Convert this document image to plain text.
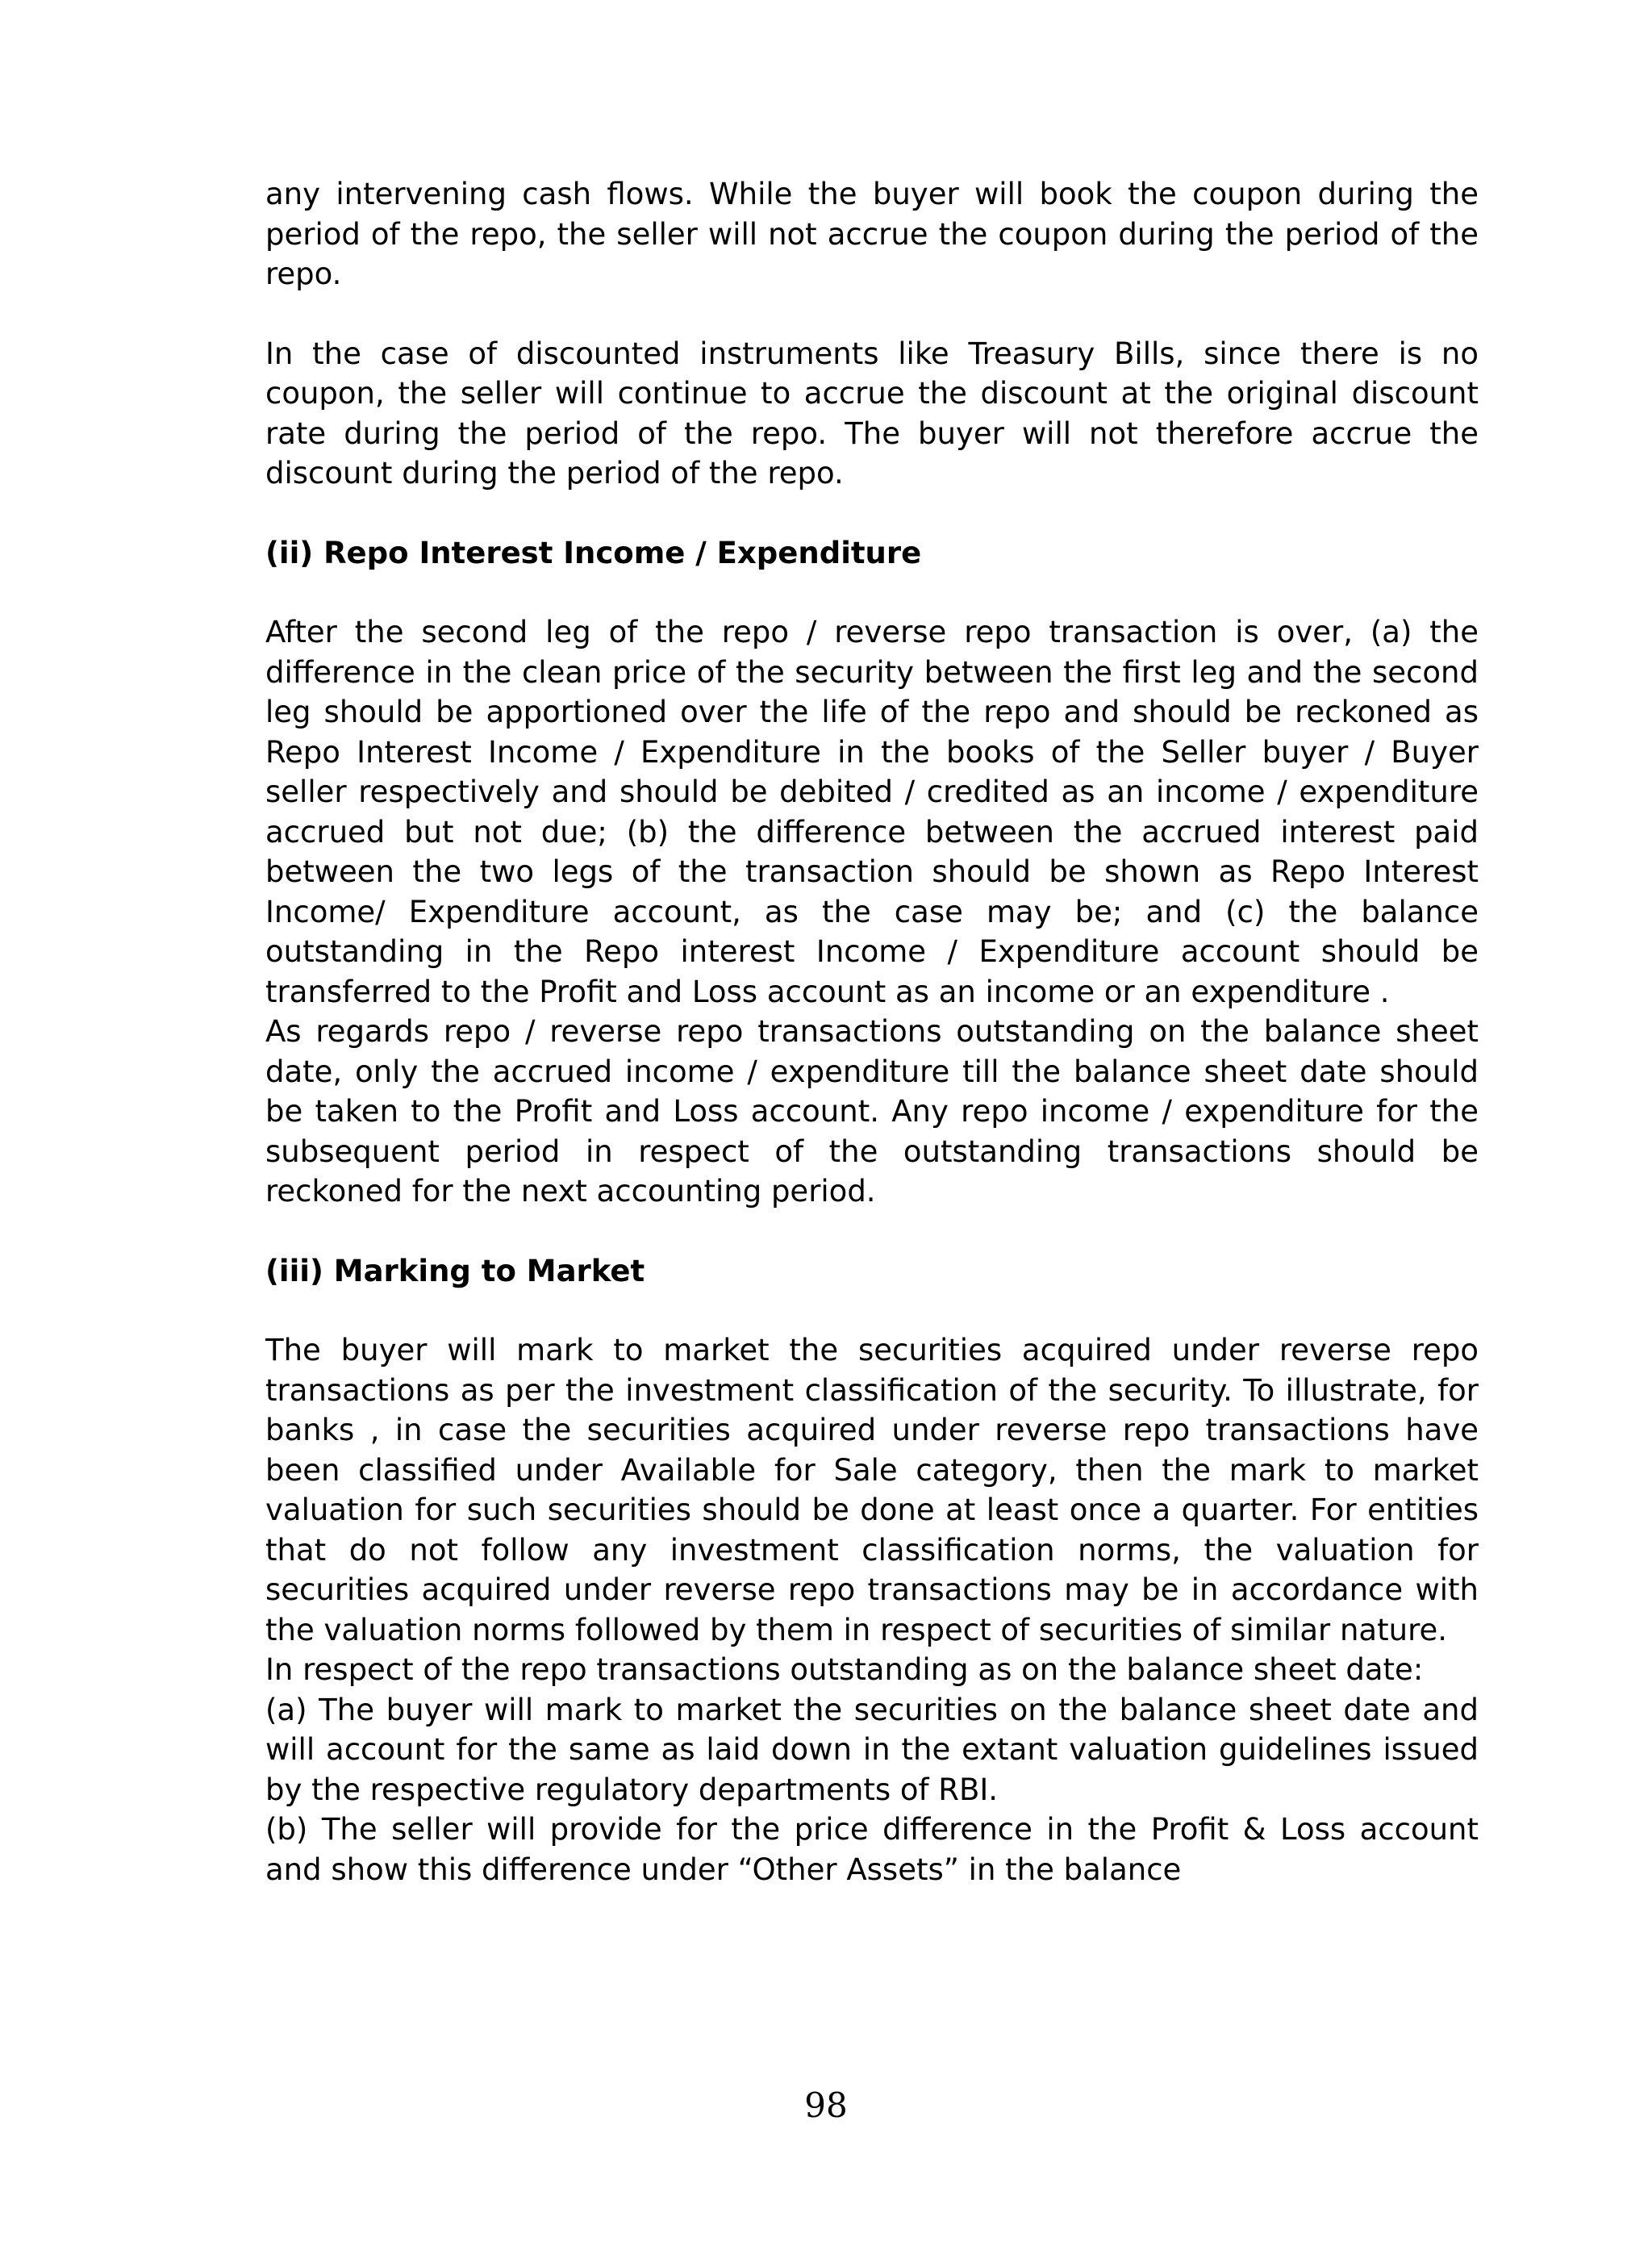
any intervening cash flows. While the buyer will book the coupon during the period of the repo, the seller will not accrue the coupon during the period of the repo.

In the case of discounted instruments like Treasury Bills, since there is no coupon, the seller will continue to accrue the discount at the original discount rate during the period of the repo. The buyer will not therefore accrue the discount during the period of the repo.

(ii) Repo Interest Income / Expenditure

After the second leg of the repo / reverse repo transaction is over, (a) the difference in the clean price of the security between the first leg and the second leg should be apportioned over the life of the repo and should be reckoned as Repo Interest Income / Expenditure in the books of the Seller buyer / Buyer seller respectively and should be debited / credited as an income / expenditure accrued but not due; (b) the difference between the accrued interest paid between the two legs of the transaction should be shown as Repo Interest Income/ Expenditure account, as the case may be; and (c) the balance outstanding in the Repo interest Income / Expenditure account should be transferred to the Profit and Loss account as an income or an expenditure .

As regards repo / reverse repo transactions outstanding on the balance sheet date, only the accrued income / expenditure till the balance sheet date should be taken to the Profit and Loss account. Any repo income / expenditure for the subsequent period in respect of the outstanding transactions should be reckoned for the next accounting period.

(iii) Marking to Market

The buyer will mark to market the securities acquired under reverse repo transactions as per the investment classification of the security. To illustrate, for banks , in case the securities acquired under reverse repo transactions have been classified under Available for Sale category, then the mark to market valuation for such securities should be done at least once a quarter. For entities that do not follow any investment classification norms, the valuation for securities acquired under reverse repo transactions may be in accordance with the valuation norms followed by them in respect of securities of similar nature.

In respect of the repo transactions outstanding as on the balance sheet date:

(a) The buyer will mark to market the securities on the balance sheet date and will account for the same as laid down in the extant valuation guidelines issued by the respective regulatory departments of RBI.

(b) The seller will provide for the price difference in the Profit & Loss account and show this difference under “Other Assets” in the balance

98
